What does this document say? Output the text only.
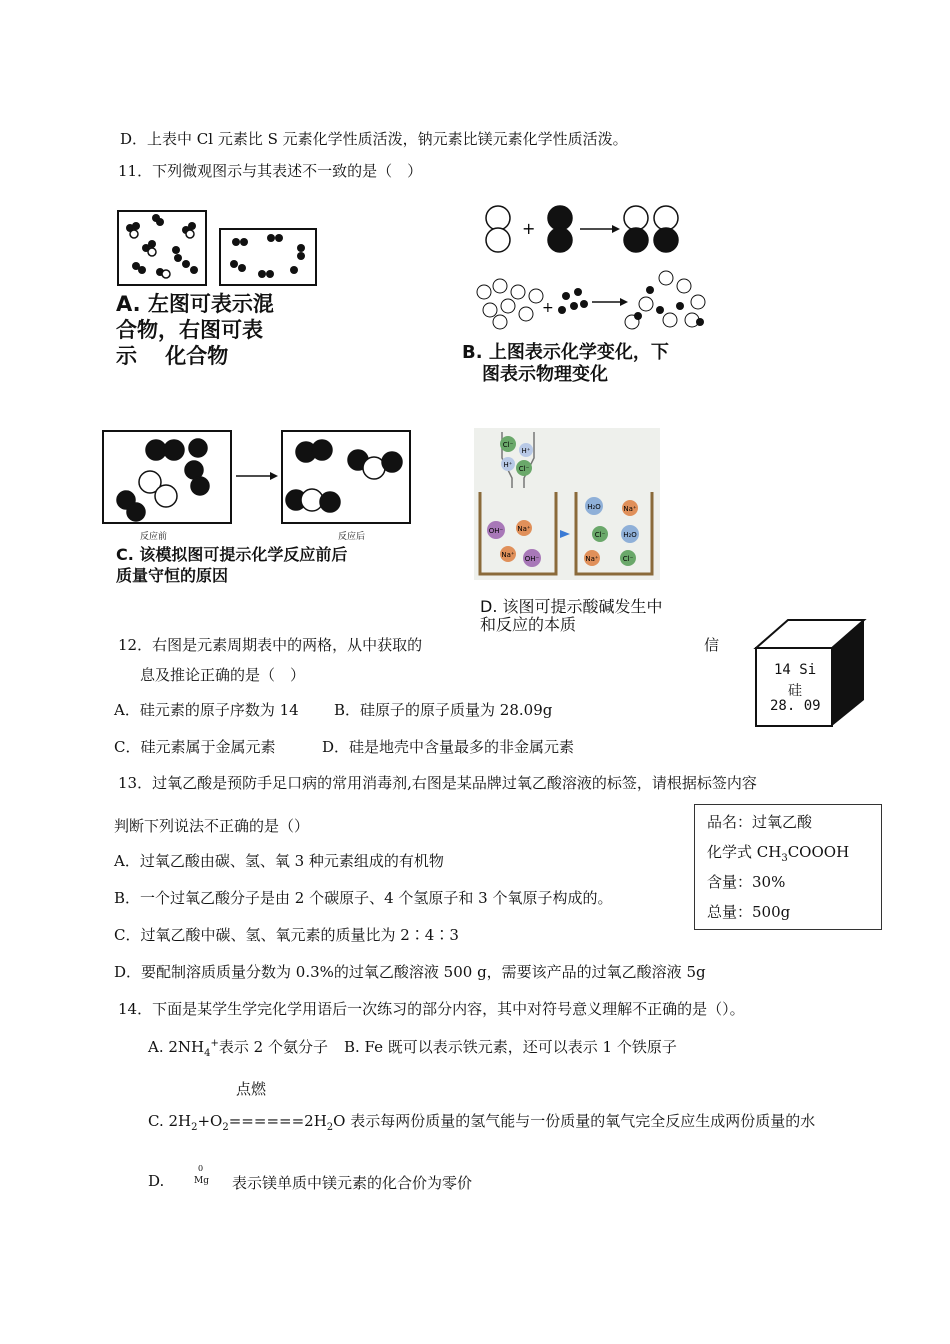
D．上表中 Cl 元素比 S 元素化学性质活泼，钠元素比镁元素化学性质活泼。
11．下列微观图示与其表述不一致的是（　）
A. 左图可表示混
合物，右图可表
示　 化合物
+
+
B. 上图表示化学变化，下
图表示物理变化
反应前	反应后
C. 该模拟图可提示化学反应前后
质量守恒的原因
Cl⁻
H⁺
H⁺ Cl⁻
OH⁻ Na⁺
Na⁺ OH⁻
H₂O	Na⁺
Cl⁻	H₂O
Na⁺	Cl⁻
D. 该图可提示酸碱发生中
和反应的本质
12．右图是元素周期表中的两格，从中获取的	信
息及推论正确的是（　）
A．硅元素的原子序数为 14 B．硅原子的原子质量为 28.09g
C．硅元素属于金属元素	D．硅是地壳中含量最多的非金属元素
14 Si
硅
28. 09
13．过氧乙酸是预防手足口病的常用消毒剂,右图是某品牌过氧乙酸溶液的标签，请根据标签内容
判断下列说法不正确的是（）
A．过氧乙酸由碳、氢、氧 3 种元素组成的有机物
B．一个过氧乙酸分子是由 2 个碳原子、4 个氢原子和 3 个氧原子构成的。
C．过氧乙酸中碳、氢、氧元素的质量比为 2∶4∶3
D．要配制溶质质量分数为 0.3%的过氧乙酸溶液 500 g，需要该产品的过氧乙酸溶液 5g
品名：过氧乙酸
化学式 $CH_3COOOH$
含量：30%
总量：500g
14．下面是某学生学完化学用语后一次练习的部分内容，其中对符号意义理解不正确的是（）。
A. $2NH_4^+$表示 2 个氨分子 B. Fe 既可以表示铁元素，还可以表示 1 个铁原子
点燃
C. $2H_2+O_2======2H_2O$ 表示每两份质量的氢气能与一份质量的氧气完全反应生成两份质量的水
D.
0
Mg 表示镁单质中镁元素的化合价为零价
